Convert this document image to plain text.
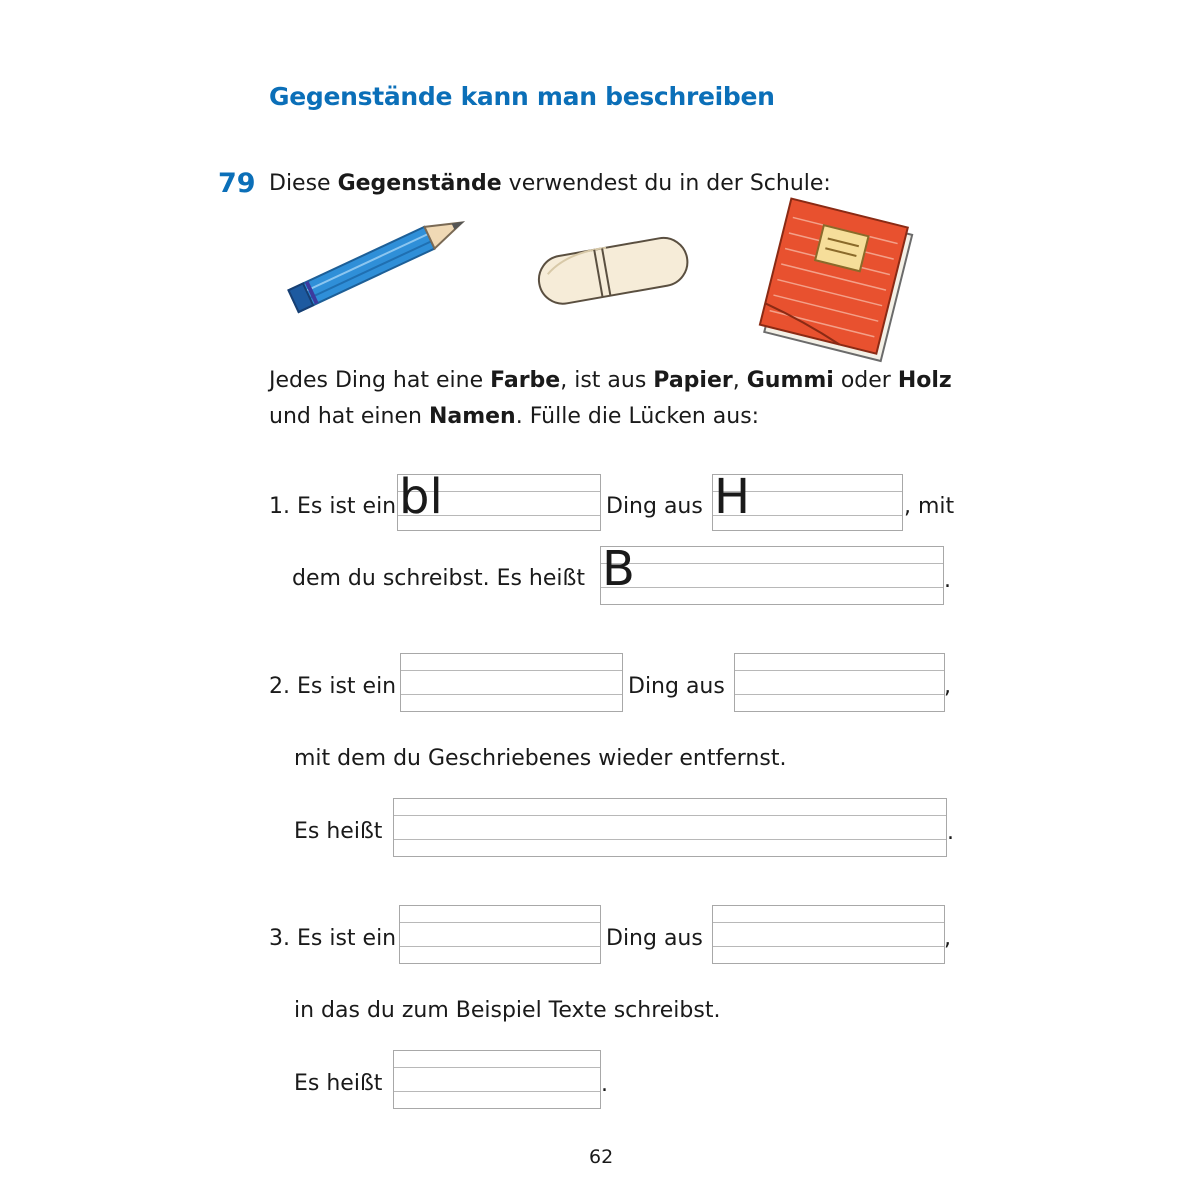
Gegenstände kann man beschreiben
79 Diese Gegenstände verwendest du in der Schule:
Jedes Ding hat eine Farbe, ist aus Papier, Gummi oder Holz
und hat einen Namen. Fülle die Lücken aus:
1. Es ist ein bl	Ding aus H	, mit
dem du schreibst. Es heißt B	.
2. Es ist ein	Ding aus	,
mit dem du Geschriebenes wieder entfernst.
Es heißt	.
3. Es ist ein	Ding aus	,
in das du zum Beispiel Texte schreibst.
Es heißt	.
62
